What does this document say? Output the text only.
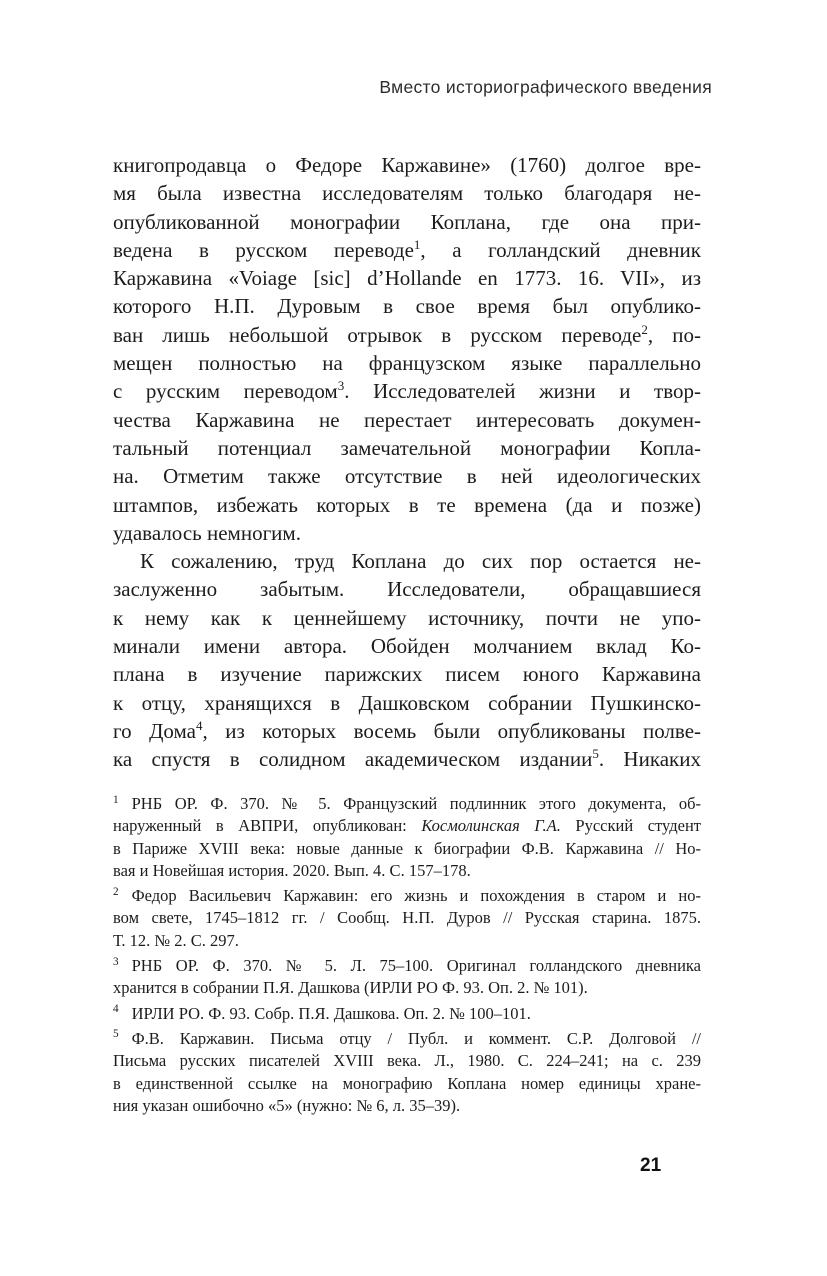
Вместо историографического введения
книгопродавца о Федоре Каржавине» (1760) долгое вре-
мя была известна исследователям только благодаря не-
опубликованной монографии Коплана, где она при-
ведена в русском переводе$^1$, а голландский дневник
Каржавина «Voiage [sic] d’Hollande en 1773. 16. VII», из
которого Н.П. Дуровым в свое время был опублико-
ван лишь небольшой отрывок в русском переводе$^2$, по-
мещен полностью на французском языке параллельно
с русским переводом$^3$. Исследователей жизни и твор-
чества Каржавина не перестает интересовать докумен-
тальный потенциал замечательной монографии Копла-
на. Отметим также отсутствие в ней идеологических
штампов, избежать которых в те времена (да и позже)
удавалось немногим.
К сожалению, труд Коплана до сих пор остается не-
заслуженно забытым. Исследователи, обращавшиеся
к нему как к ценнейшему источнику, почти не упо-
минали имени автора. Обойден молчанием вклад Ко-
плана в изучение парижских писем юного Каржавина
к отцу, хранящихся в Дашковском собрании Пушкинско-
го Дома$^4$, из которых восемь были опубликованы полве-
ка спустя в солидном академическом издании$^5$. Никаких
$^1$ РНБ ОР. Ф. 370. № 5. Французский подлинник этого документа, об-
наруженный в АВПРИ, опубликован: Космолинская Г.А. Русский студент
в Париже XVIII века: новые данные к биографии Ф.В. Каржавина // Но-
вая и Новейшая история. 2020. Вып. 4. С. 157–178.
$^2$ Федор Васильевич Каржавин: его жизнь и похождения в старом и но-
вом свете, 1745–1812 гг. / Сообщ. Н.П. Дуров // Русская старина. 1875.
Т. 12. № 2. С. 297.
$^3$ РНБ ОР. Ф. 370. № 5. Л. 75–100. Оригинал голландского дневника
хранится в собрании П.Я. Дашкова (ИРЛИ РО Ф. 93. Оп. 2. № 101).
$^4$ ИРЛИ РО. Ф. 93. Собр. П.Я. Дашкова. Оп. 2. № 100–101.
$^5$ Ф.В. Каржавин. Письма отцу / Публ. и коммент. С.Р. Долговой //
Письма русских писателей XVIII века. Л., 1980. С. 224–241; на с. 239
в единственной ссылке на монографию Коплана номер единицы хране-
ния указан ошибочно «5» (нужно: № 6, л. 35–39).
21
